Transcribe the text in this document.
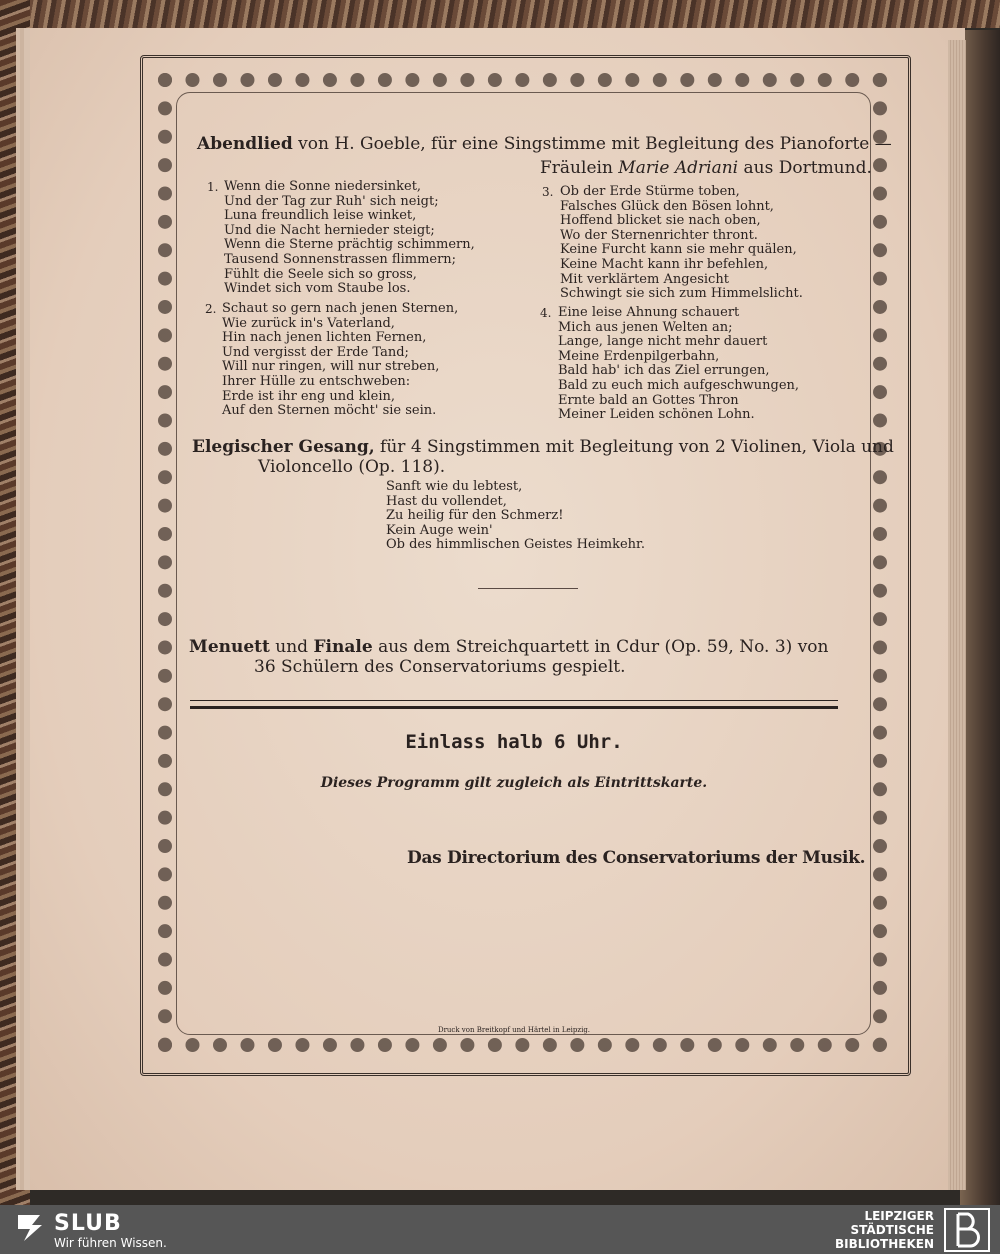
Abendlied von H. Goeble, für eine Singstimme mit Begleitung des Pianoforte —
Fräulein Marie Adriani aus Dortmund.
1. Wenn die Sonne niedersinket,
Und der Tag zur Ruh' sich neigt;
Luna freundlich leise winket,
Und die Nacht hernieder steigt;
Wenn die Sterne prächtig schimmern,
Tausend Sonnenstrassen flimmern;
Fühlt die Seele sich so gross,
Windet sich vom Staube los.
2. Schaut so gern nach jenen Sternen,
Wie zurück in's Vaterland,
Hin nach jenen lichten Fernen,
Und vergisst der Erde Tand;
Will nur ringen, will nur streben,
Ihrer Hülle zu entschweben:
Erde ist ihr eng und klein,
Auf den Sternen möcht' sie sein.
3. Ob der Erde Stürme toben,
Falsches Glück den Bösen lohnt,
Hoffend blicket sie nach oben,
Wo der Sternenrichter thront.
Keine Furcht kann sie mehr quälen,
Keine Macht kann ihr befehlen,
Mit verklärtem Angesicht
Schwingt sie sich zum Himmelslicht.
4. Eine leise Ahnung schauert
Mich aus jenen Welten an;
Lange, lange nicht mehr dauert
Meine Erdenpilgerbahn,
Bald hab' ich das Ziel errungen,
Bald zu euch mich aufgeschwungen,
Ernte bald an Gottes Thron
Meiner Leiden schönen Lohn.
Elegischer Gesang, für 4 Singstimmen mit Begleitung von 2 Violinen, Viola und
Violoncello (Op. 118).
Sanft wie du lebtest,
Hast du vollendet,
Zu heilig für den Schmerz!
Kein Auge wein'
Ob des himmlischen Geistes Heimkehr.
Menuett und Finale aus dem Streichquartett in Cdur (Op. 59, No. 3) von
36 Schülern des Conservatoriums gespielt.
Einlass halb 6 Uhr.
Dieses Programm gilt zugleich als Eintrittskarte.
Das Directorium des Conservatoriums der Musik.
Druck von Breitkopf und Härtel in Leipzig.
SLUB
Wir führen Wissen.
LEIPZIGER
STÄDTISCHE
BIBLIOTHEKEN
